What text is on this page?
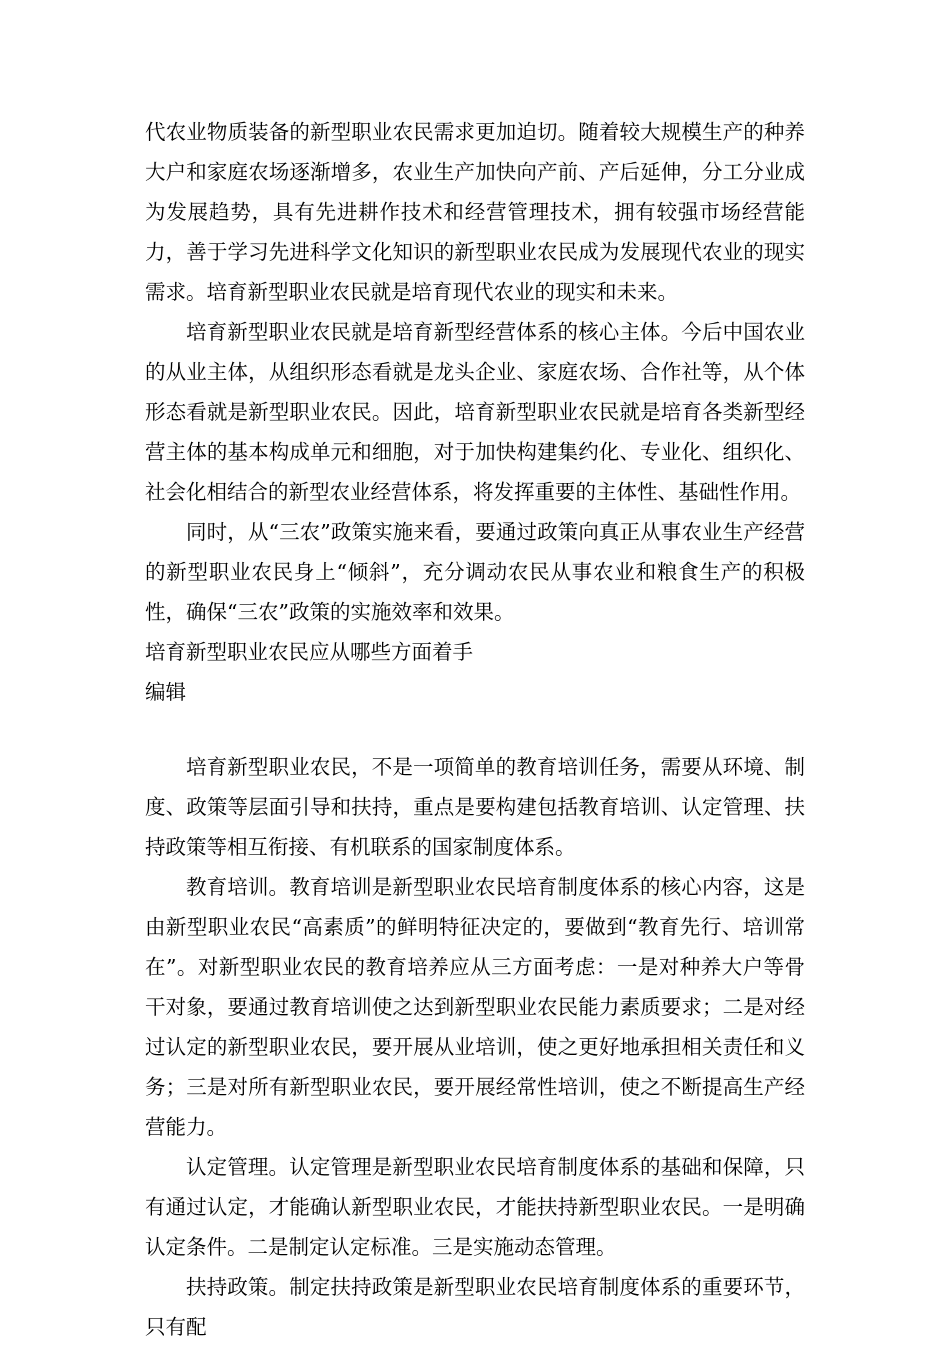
代农业物质装备的新型职业农民需求更加迫切。随着较大规模生产的种养大户和家庭农场逐渐增多，农业生产加快向产前、产后延伸，分工分业成为发展趋势，具有先进耕作技术和经营管理技术，拥有较强市场经营能力，善于学习先进科学文化知识的新型职业农民成为发展现代农业的现实需求。培育新型职业农民就是培育现代农业的现实和未来。

培育新型职业农民就是培育新型经营体系的核心主体。今后中国农业的从业主体，从组织形态看就是龙头企业、家庭农场、合作社等，从个体形态看就是新型职业农民。因此，培育新型职业农民就是培育各类新型经营主体的基本构成单元和细胞，对于加快构建集约化、专业化、组织化、社会化相结合的新型农业经营体系，将发挥重要的主体性、基础性作用。

同时，从“三农”政策实施来看，要通过政策向真正从事农业生产经营的新型职业农民身上“倾斜”，充分调动农民从事农业和粮食生产的积极性，确保“三农”政策的实施效率和效果。

培育新型职业农民应从哪些方面着手

编辑

培育新型职业农民，不是一项简单的教育培训任务，需要从环境、制度、政策等层面引导和扶持，重点是要构建包括教育培训、认定管理、扶持政策等相互衔接、有机联系的国家制度体系。

教育培训。教育培训是新型职业农民培育制度体系的核心内容，这是由新型职业农民“高素质”的鲜明特征决定的，要做到“教育先行、培训常在”。对新型职业农民的教育培养应从三方面考虑：一是对种养大户等骨干对象，要通过教育培训使之达到新型职业农民能力素质要求；二是对经过认定的新型职业农民，要开展从业培训，使之更好地承担相关责任和义务；三是对所有新型职业农民，要开展经常性培训，使之不断提高生产经营能力。

认定管理。认定管理是新型职业农民培育制度体系的基础和保障，只有通过认定，才能确认新型职业农民，才能扶持新型职业农民。一是明确认定条件。二是制定认定标准。三是实施动态管理。

扶持政策。制定扶持政策是新型职业农民培育制度体系的重要环节，只有配
